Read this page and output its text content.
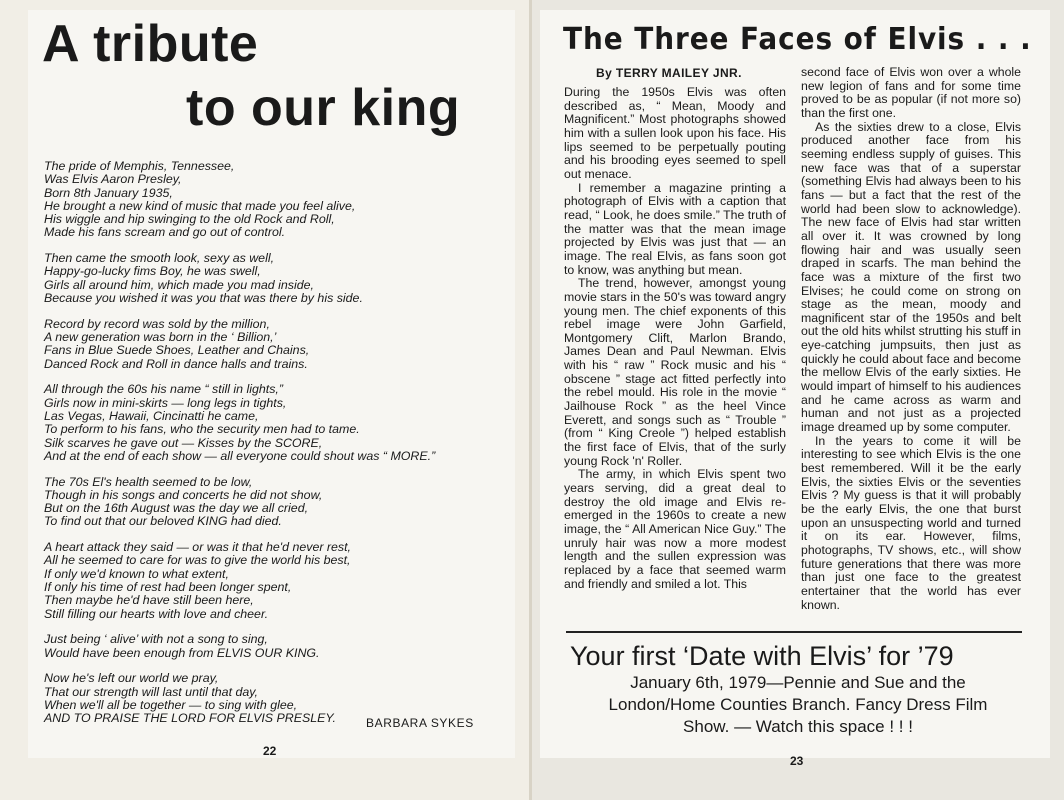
A tribute
to our king
The pride of Memphis, Tennessee,
Was Elvis Aaron Presley,
Born 8th January 1935,
He brought a new kind of music that made you feel alive,
His wiggle and hip swinging to the old Rock and Roll,
Made his fans scream and go out of control.
Then came the smooth look, sexy as well,
Happy-go-lucky fims Boy, he was swell,
Girls all around him, which made you mad inside,
Because you wished it was you that was there by his side.
Record by record was sold by the million,
A new generation was born in the ‘ Billion,’
Fans in Blue Suede Shoes, Leather and Chains,
Danced Rock and Roll in dance halls and trains.
All through the 60s his name “ still in lights,”
Girls now in mini-skirts — long legs in tights,
Las Vegas, Hawaii, Cincinatti he came,
To perform to his fans, who the security men had to tame.
Silk scarves he gave out — Kisses by the SCORE,
And at the end of each show — all everyone could shout was “ MORE.”
The 70s El's health seemed to be low,
Though in his songs and concerts he did not show,
But on the 16th August was the day we all cried,
To find out that our beloved KING had died.
A heart attack they said — or was it that he'd never rest,
All he seemed to care for was to give the world his best,
If only we'd known to what extent,
If only his time of rest had been longer spent,
Then maybe he'd have still been here,
Still filling our hearts with love and cheer.
Just being ‘ alive’ with not a song to sing,
Would have been enough from ELVIS OUR KING.
Now he's left our world we pray,
That our strength will last until that day,
When we'll all be together — to sing with glee,
AND TO PRAISE THE LORD FOR ELVIS PRESLEY.	BARBARA SYKES
22
The Three Faces of Elvis . . .
By TERRY MAILEY JNR.

During the 1950s Elvis was often described as, “ Mean, Moody and Magnificent.” Most photographs showed him with a sullen look upon his face. His lips seemed to be perpetually pouting and his brooding eyes seemed to spell out menace.

I remember a magazine printing a photograph of Elvis with a caption that read, “ Look, he does smile.” The truth of the matter was that the mean image projected by Elvis was just that — an image. The real Elvis, as fans soon got to know, was anything but mean.

The trend, however, amongst young movie stars in the 50's was toward angry young men. The chief exponents of this rebel image were John Garfield, Montgomery Clift, Marlon Brando, James Dean and Paul Newman. Elvis with his “ raw ” Rock music and his “ obscene ” stage act fitted perfectly into the rebel mould. His role in the movie “ Jailhouse Rock ” as the heel Vince Everett, and songs such as “ Trouble ” (from “ King Creole ”) helped establish the first face of Elvis, that of the surly young Rock 'n' Roller.

The army, in which Elvis spent two years serving, did a great deal to destroy the old image and Elvis re-emerged in the 1960s to create a new image, the “ All American Nice Guy.” The unruly hair was now a more modest length and the sullen expression was replaced by a face that seemed warm and friendly and smiled a lot. This

second face of Elvis won over a whole new legion of fans and for some time proved to be as popular (if not more so) than the first one.

As the sixties drew to a close, Elvis produced another face from his seeming endless supply of guises. This new face was that of a superstar (something Elvis had always been to his fans — but a fact that the rest of the world had been slow to acknowledge). The new face of Elvis had star written all over it. It was crowned by long flowing hair and was usually seen draped in scarfs. The man behind the face was a mixture of the first two Elvises; he could come on strong on stage as the mean, moody and magnificent star of the 1950s and belt out the old hits whilst strutting his stuff in eye-catching jumpsuits, then just as quickly he could about face and become the mellow Elvis of the early sixties. He would impart of himself to his audiences and he came across as warm and human and not just as a projected image dreamed up by some computer.

In the years to come it will be interesting to see which Elvis is the one best remembered. Will it be the early Elvis, the sixties Elvis or the seventies Elvis ? My guess is that it will probably be the early Elvis, the one that burst upon an unsuspecting world and turned it on its ear. However, films, photographs, TV shows, etc., will show future generations that there was more than just one face to the greatest entertainer that the world has ever known.

Your first ‘Date with Elvis’ for ’79
January 6th, 1979—Pennie and Sue and the London/Home Counties Branch. Fancy Dress Film Show. — Watch this space ! ! !
23
